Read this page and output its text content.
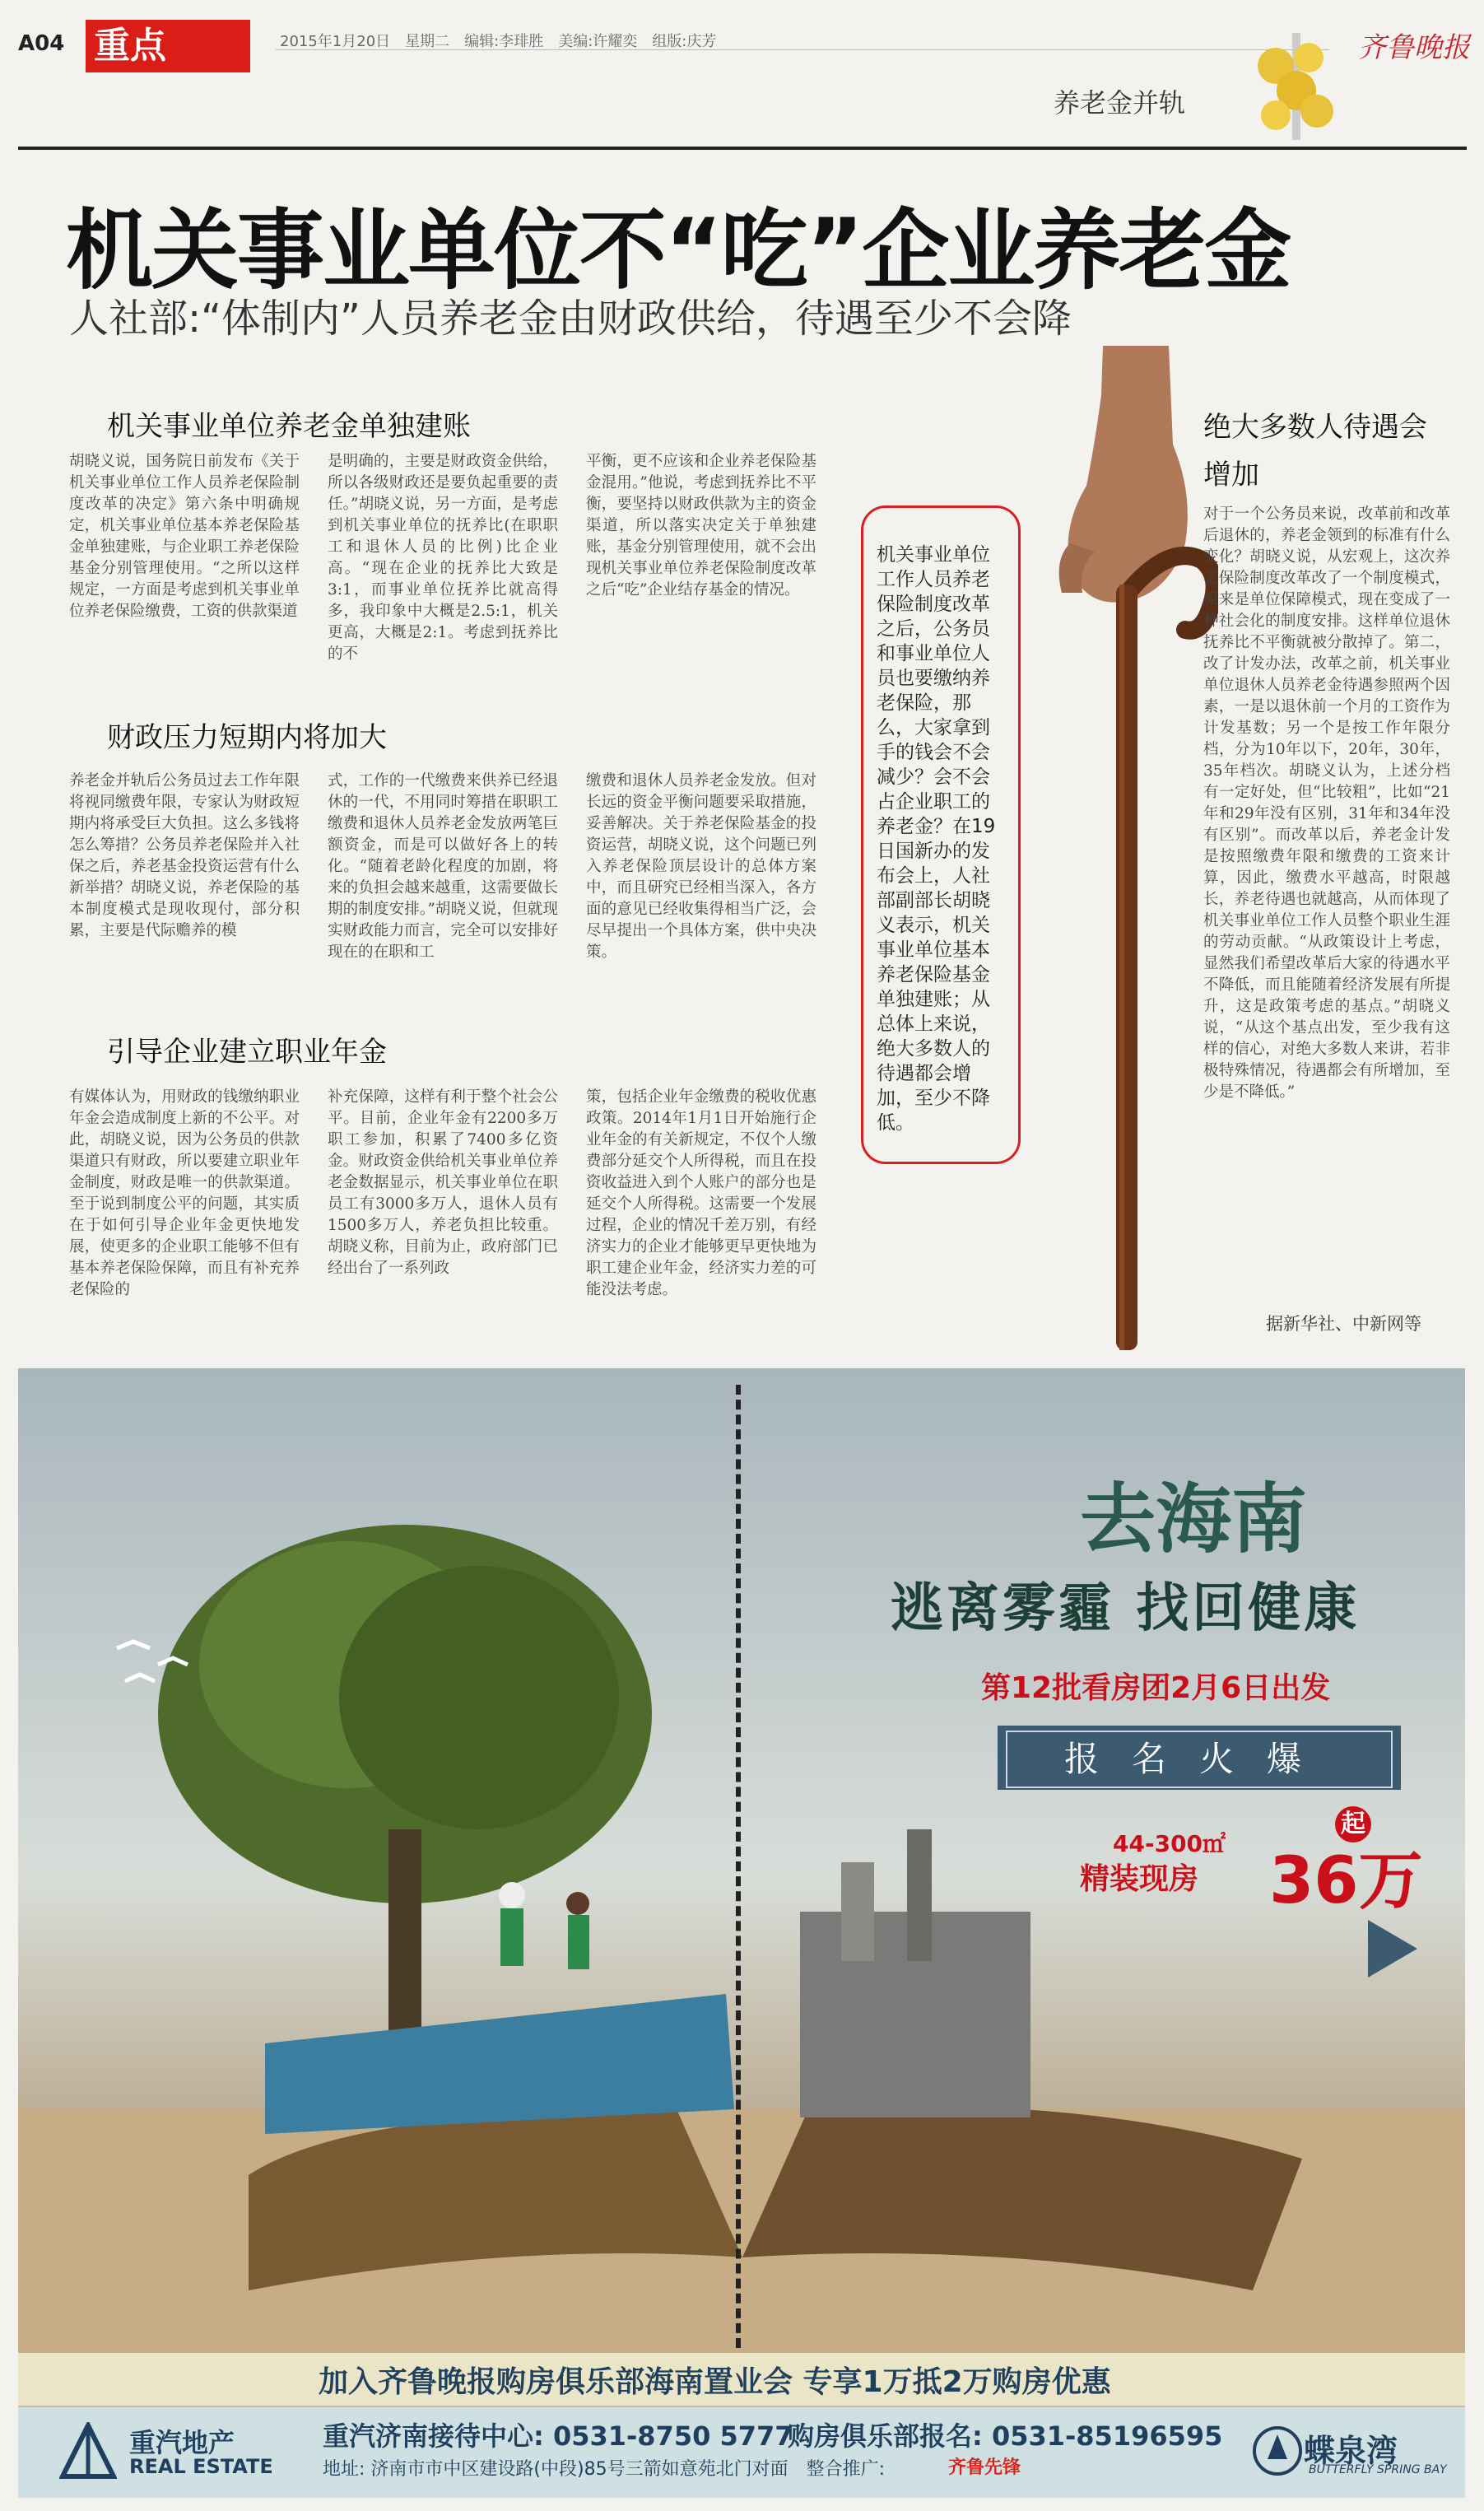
A04 重点	2015年1月20日　星期二　编辑:李琲胜　美编:许耀奕　组版:庆芳	齐鲁晚报
养老金并轨
机关事业单位不“吃”企业养老金
人社部:“体制内”人员养老金由财政供给，待遇至少不会降
机关事业单位养老金单独建账
胡晓义说，国务院日前发布《关于机关事业单位工作人员养老保险制度改革的决定》第六条中明确规定，机关事业单位基本养老保险基金单独建账，与企业职工养老保险基金分别管理使用。“之所以这样规定，一方面是考虑到机关事业单位养老保险缴费，工资的供款渠道
是明确的，主要是财政资金供给，所以各级财政还是要负起重要的责任。”胡晓义说，另一方面，是考虑到机关事业单位的抚养比(在职职工和退休人员的比例)比企业高。“现在企业的抚养比大致是3:1，而事业单位抚养比就高得多，我印象中大概是2.5:1，机关更高，大概是2:1。考虑到抚养比的不
平衡，更不应该和企业养老保险基金混用。”他说，考虑到抚养比不平衡，要坚持以财政供款为主的资金渠道，所以落实决定关于单独建账，基金分别管理使用，就不会出现机关事业单位养老保险制度改革之后“吃”企业结存基金的情况。
财政压力短期内将加大
养老金并轨后公务员过去工作年限将视同缴费年限，专家认为财政短期内将承受巨大负担。这么多钱将怎么筹措？公务员养老保险并入社保之后，养老基金投资运营有什么新举措？胡晓义说，养老保险的基本制度模式是现收现付，部分积累，主要是代际赡养的模
式，工作的一代缴费来供养已经退休的一代，不用同时筹措在职职工缴费和退休人员养老金发放两笔巨额资金，而是可以做好各上的转化。“随着老龄化程度的加剧，将来的负担会越来越重，这需要做长期的制度安排。”胡晓义说，但就现实财政能力而言，完全可以安排好现在的在职和工
缴费和退休人员养老金发放。但对长远的资金平衡问题要采取措施，妥善解决。关于养老保险基金的投资运营，胡晓义说，这个问题已列入养老保险顶层设计的总体方案中，而且研究已经相当深入，各方面的意见已经收集得相当广泛，会尽早提出一个具体方案，供中央决策。
引导企业建立职业年金
有媒体认为，用财政的钱缴纳职业年金会造成制度上新的不公平。对此，胡晓义说，因为公务员的供款渠道只有财政，所以要建立职业年金制度，财政是唯一的供款渠道。至于说到制度公平的问题，其实质在于如何引导企业年金更快地发展，使更多的企业职工能够不但有基本养老保险保障，而且有补充养老保险的
补充保障，这样有利于整个社会公平。目前，企业年金有2200多万职工参加，积累了7400多亿资金。财政资金供给机关事业单位养老金数据显示，机关事业单位在职员工有3000多万人，退休人员有1500多万人，养老负担比较重。胡晓义称，目前为止，政府部门已经出台了一系列政
策，包括企业年金缴费的税收优惠政策。2014年1月1日开始施行企业年金的有关新规定，不仅个人缴费部分延交个人所得税，而且在投资收益进入到个人账户的部分也是延交个人所得税。这需要一个发展过程，企业的情况千差万别，有经济实力的企业才能够更早更快地为职工建企业年金，经济实力差的可能没法考虑。
机关事业单位工作人员养老保险制度改革之后，公务员和事业单位人员也要缴纳养老保险，那么，大家拿到手的钱会不会减少？会不会占企业职工的养老金？在19日国新办的发布会上，人社部副部长胡晓义表示，机关事业单位基本养老保险基金单独建账；从总体上来说，绝大多数人的待遇都会增加，至少不降低。
绝大多数人待遇会增加
对于一个公务员来说，改革前和改革后退休的，养老金领到的标准有什么变化？胡晓义说，从宏观上，这次养老保险制度改革改了一个制度模式，原来是单位保障模式，现在变成了一种社会化的制度安排。这样单位退休抚养比不平衡就被分散掉了。第二，改了计发办法，改革之前，机关事业单位退休人员养老金待遇参照两个因素，一是以退休前一个月的工资作为计发基数；另一个是按工作年限分档，分为10年以下，20年，30年，35年档次。胡晓义认为，上述分档有一定好处，但“比较粗”，比如“21年和29年没有区别，31年和34年没有区别”。而改革以后，养老金计发是按照缴费年限和缴费的工资来计算，因此，缴费水平越高，时限越长，养老待遇也就越高，从而体现了机关事业单位工作人员整个职业生涯的劳动贡献。“从政策设计上考虑，显然我们希望改革后大家的待遇水平不降低，而且能随着经济发展有所提升，这是政策考虑的基点。”胡晓义说，“从这个基点出发，至少我有这样的信心，对绝大多数人来讲，若非极特殊情况，待遇都会有所增加，至少是不降低。”
据新华社、中新网等
去海南
逃离雾霾 找回健康
第12批看房团2月6日出发
报名火爆
44-300㎡
精装现房 36万
起
加入齐鲁晚报购房俱乐部海南置业会 专享1万抵2万购房优惠
重汽地产
REAL ESTATE
重汽济南接待中心: 0531-8750 5777
购房俱乐部报名: 0531-85196595
地址: 济南市市中区建设路(中段)85号三箭如意苑北门对面　整合推广:	齐鲁先锋	蝶泉湾
BUTTERFLY SPRING BAY
